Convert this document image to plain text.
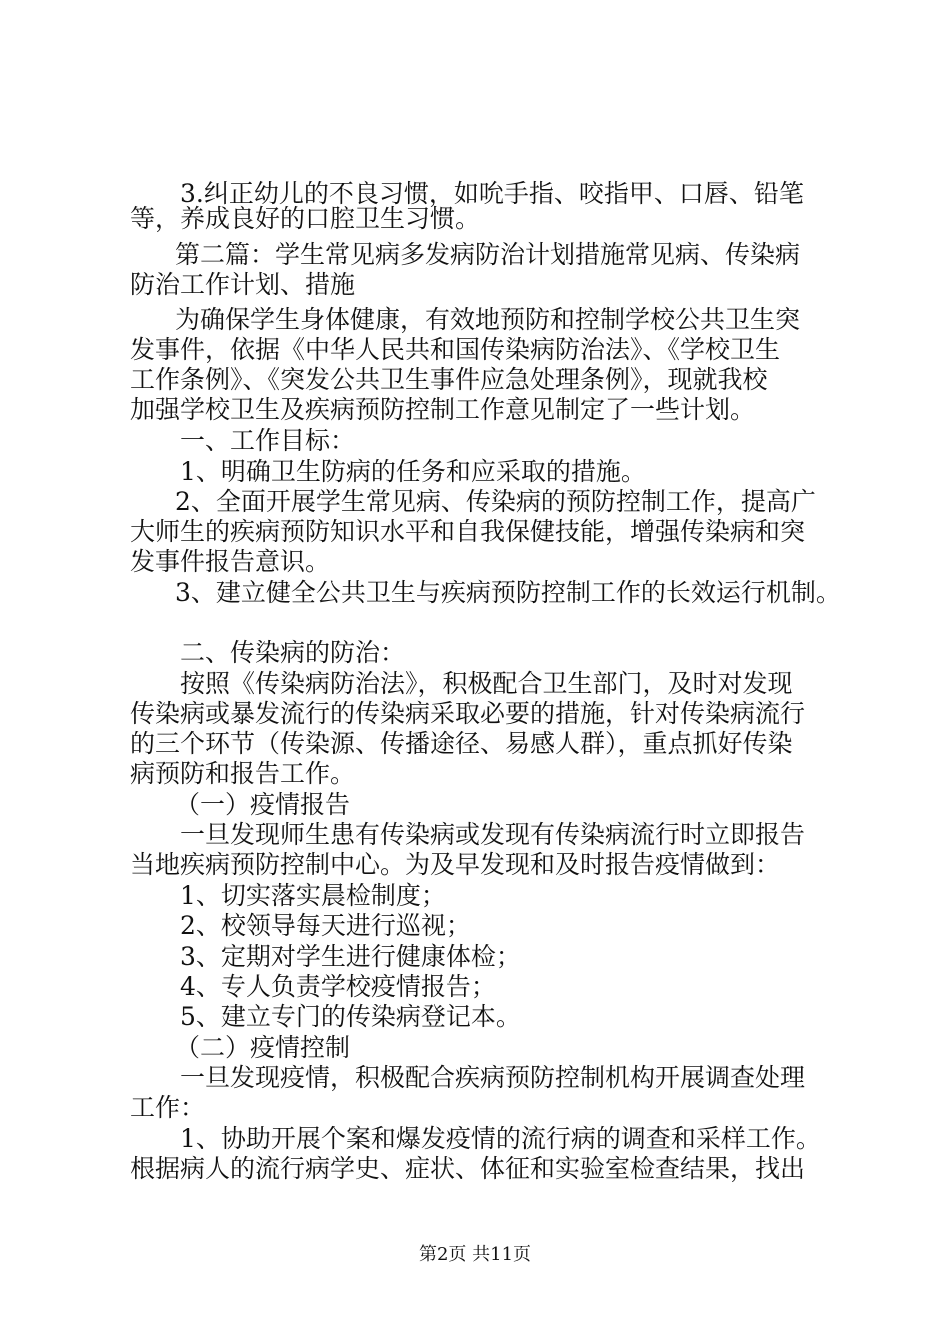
3.纠正幼儿的不良习惯，如吮手指、咬指甲、口唇、铅笔
等，养成良好的口腔卫生习惯。
第二篇：学生常见病多发病防治计划措施常见病、传染病
防治工作计划、措施
为确保学生身体健康，有效地预防和控制学校公共卫生突
发事件，依据《中华人民共和国传染病防治法》、《学校卫生
工作条例》、《突发公共卫生事件应急处理条例》，现就我校
加强学校卫生及疾病预防控制工作意见制定了一些计划。
一、工作目标：
1、明确卫生防病的任务和应采取的措施。
2、全面开展学生常见病、传染病的预防控制工作，提高广
大师生的疾病预防知识水平和自我保健技能，增强传染病和突
发事件报告意识。
3、建立健全公共卫生与疾病预防控制工作的长效运行机制。
二、传染病的防治：
按照《传染病防治法》，积极配合卫生部门，及时对发现
传染病或暴发流行的传染病采取必要的措施，针对传染病流行
的三个环节（传染源、传播途径、易感人群），重点抓好传染
病预防和报告工作。
（一）疫情报告
一旦发现师生患有传染病或发现有传染病流行时立即报告
当地疾病预防控制中心。为及早发现和及时报告疫情做到：
1、切实落实晨检制度；
2、校领导每天进行巡视；
3、定期对学生进行健康体检；
4、专人负责学校疫情报告；
5、建立专门的传染病登记本。
（二）疫情控制
一旦发现疫情，积极配合疾病预防控制机构开展调查处理
工作：
1、协助开展个案和爆发疫情的流行病的调查和采样工作。
根据病人的流行病学史、症状、体征和实验室检查结果，找出
第2页 共11页
